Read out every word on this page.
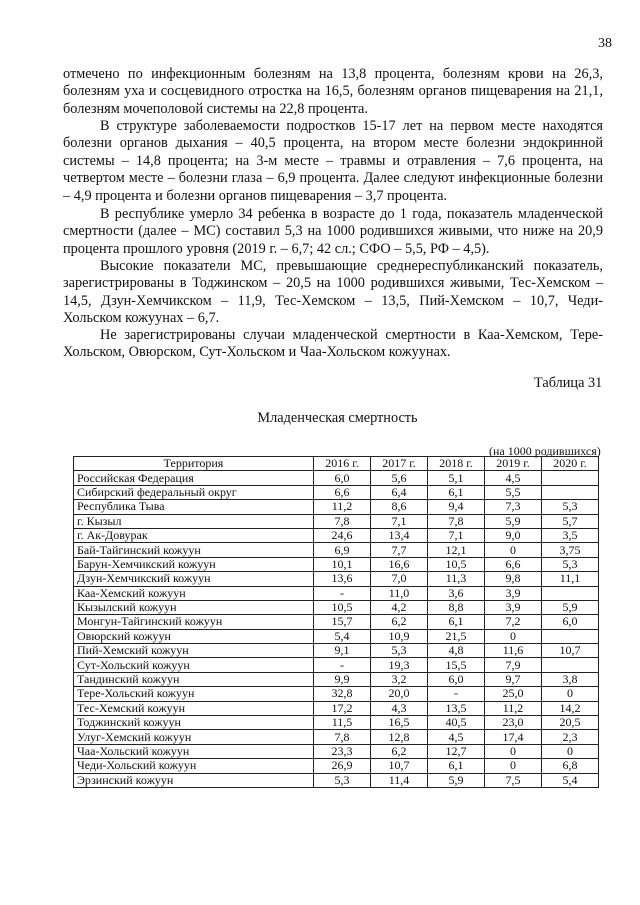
38

отмечено по инфекционным болезням на 13,8 процента, болезням крови на 26,3, болезням уха и сосцевидного отростка на 16,5, болезням органов пищеварения на 21,1, болезням мочеполовой системы на 22,8 процента.

В структуре заболеваемости подростков 15-17 лет на первом месте находятся болезни органов дыхания – 40,5 процента, на втором месте болезни эндокринной системы – 14,8 процента; на 3-м месте – травмы и отравления – 7,6 процента, на четвертом месте – болезни глаза – 6,9 процента. Далее следуют инфекционные болезни – 4,9 процента и болезни органов пищеварения – 3,7 процента.

В республике умерло 34 ребенка в возрасте до 1 года, показатель младенческой смертности (далее – МС) составил 5,3 на 1000 родившихся живыми, что ниже на 20,9 процента прошлого уровня (2019 г. – 6,7; 42 сл.; СФО – 5,5, РФ – 4,5).

Высокие показатели МС, превышающие среднереспубликанский показатель, зарегистрированы в Тоджинском – 20,5 на 1000 родившихся живыми, Тес-Хемском – 14,5, Дзун-Хемчикском – 11,9, Тес-Хемском – 13,5, Пий-Хемском – 10,7, Чеди-Хольском кожуунах – 6,7.

Не зарегистрированы случаи младенческой смертности в Каа-Хемском, Тере-Хольском, Овюрском, Сут-Хольском и Чаа-Хольском кожуунах.

Таблица 31
Младенческая смертность
(на 1000 родившихся)
Территория	2016 г.	2017 г.	2018 г.	2019 г.	2020 г.
Российская Федерация	6,0	5,6	5,1	4,5	
Сибирский федеральный округ	6,6	6,4	6,1	5,5	
Республика Тыва	11,2	8,6	9,4	7,3	5,3
г. Кызыл	7,8	7,1	7,8	5,9	5,7
г. Ак-Довурак	24,6	13,4	7,1	9,0	3,5
Бай-Тайгинский кожуун	6,9	7,7	12,1	0	3,75
Барун-Хемчикский кожуун	10,1	16,6	10,5	6,6	5,3
Дзун-Хемчикский кожуун	13,6	7,0	11,3	9,8	11,1
Каа-Хемский кожуун	-	11,0	3,6	3,9	
Кызылский кожуун	10,5	4,2	8,8	3,9	5,9
Монгун-Тайгинский кожуун	15,7	6,2	6,1	7,2	6,0
Овюрский кожуун	5,4	10,9	21,5	0	
Пий-Хемский кожуун	9,1	5,3	4,8	11,6	10,7
Сут-Хольский кожуун	-	19,3	15,5	7,9	
Тандинский кожуун	9,9	3,2	6,0	9,7	3,8
Тере-Хольский кожуун	32,8	20,0	-	25,0	0
Тес-Хемский кожуун	17,2	4,3	13,5	11,2	14,2
Тоджинский кожуун	11,5	16,5	40,5	23,0	20,5
Улуг-Хемский кожуун	7,8	12,8	4,5	17,4	2,3
Чаа-Хольский кожуун	23,3	6,2	12,7	0	0
Чеди-Хольский кожуун	26,9	10,7	6,1	0	6,8
Эрзинский кожуун	5,3	11,4	5,9	7,5	5,4
